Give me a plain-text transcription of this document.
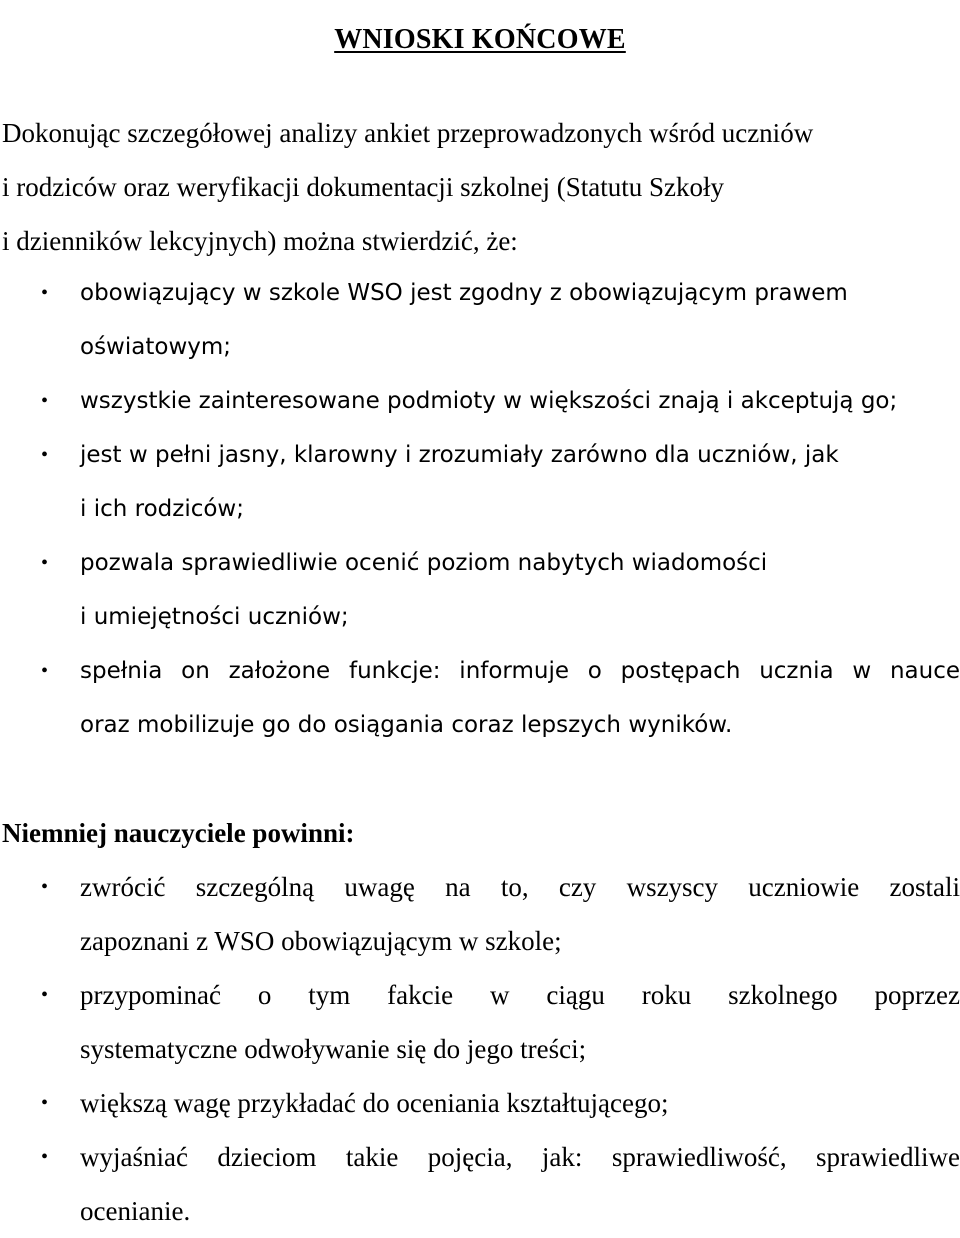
WNIOSKI KOŃCOWE

Dokonując szczegółowej analizy ankiet przeprowadzonych wśród uczniów
i rodziców oraz weryfikacji dokumentacji szkolnej (Statutu Szkoły
i dzienników lekcyjnych) można stwierdzić, że:

•	obowiązujący w szkole WSO jest zgodny z obowiązującym prawem
oświatowym;
•	wszystkie zainteresowane podmioty w większości znają i akceptują go;
•	jest w pełni jasny, klarowny i zrozumiały zarówno dla uczniów, jak
i ich rodziców;
•	pozwala sprawiedliwie ocenić poziom nabytych wiadomości
i umiejętności uczniów;
•	spełnia on założone funkcje: informuje o postępach ucznia w nauce
oraz mobilizuje go do osiągania coraz lepszych wyników.
Niemniej nauczyciele powinni:
•	zwrócić szczególną uwagę na to, czy wszyscy uczniowie zostali
zapoznani z WSO obowiązującym w szkole;
•	przypominać o tym fakcie w ciągu roku szkolnego poprzez
systematyczne odwoływanie się do jego treści;
•	większą wagę przykładać do oceniania kształtującego;
•	wyjaśniać dzieciom takie pojęcia, jak: sprawiedliwość, sprawiedliwe
ocenianie.
